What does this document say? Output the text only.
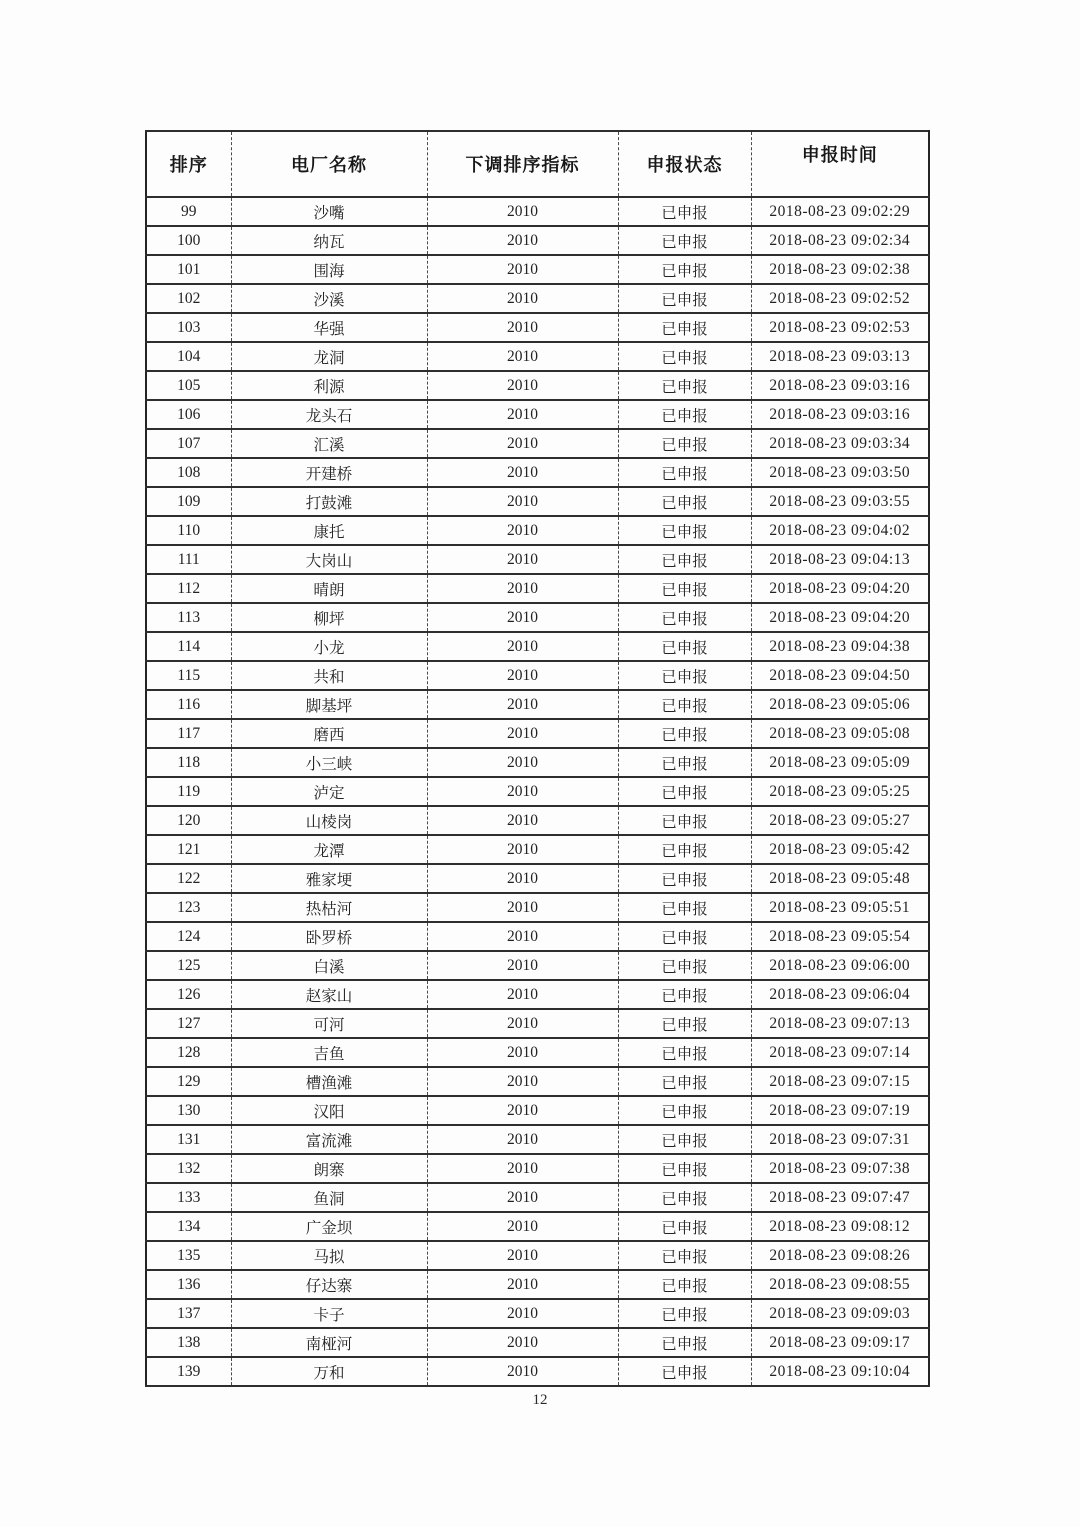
排序	电厂名称	下调排序指标	申报状态	申报时间
99	沙嘴	2010	已申报	2018-08-23 09:02:29
100	纳瓦	2010	已申报	2018-08-23 09:02:34
101	围海	2010	已申报	2018-08-23 09:02:38
102	沙溪	2010	已申报	2018-08-23 09:02:52
103	华强	2010	已申报	2018-08-23 09:02:53
104	龙洞	2010	已申报	2018-08-23 09:03:13
105	利源	2010	已申报	2018-08-23 09:03:16
106	龙头石	2010	已申报	2018-08-23 09:03:16
107	汇溪	2010	已申报	2018-08-23 09:03:34
108	开建桥	2010	已申报	2018-08-23 09:03:50
109	打鼓滩	2010	已申报	2018-08-23 09:03:55
110	康托	2010	已申报	2018-08-23 09:04:02
111	大岗山	2010	已申报	2018-08-23 09:04:13
112	晴朗	2010	已申报	2018-08-23 09:04:20
113	柳坪	2010	已申报	2018-08-23 09:04:20
114	小龙	2010	已申报	2018-08-23 09:04:38
115	共和	2010	已申报	2018-08-23 09:04:50
116	脚基坪	2010	已申报	2018-08-23 09:05:06
117	磨西	2010	已申报	2018-08-23 09:05:08
118	小三峡	2010	已申报	2018-08-23 09:05:09
119	泸定	2010	已申报	2018-08-23 09:05:25
120	山棱岗	2010	已申报	2018-08-23 09:05:27
121	龙潭	2010	已申报	2018-08-23 09:05:42
122	雅家埂	2010	已申报	2018-08-23 09:05:48
123	热枯河	2010	已申报	2018-08-23 09:05:51
124	卧罗桥	2010	已申报	2018-08-23 09:05:54
125	白溪	2010	已申报	2018-08-23 09:06:00
126	赵家山	2010	已申报	2018-08-23 09:06:04
127	可河	2010	已申报	2018-08-23 09:07:13
128	吉鱼	2010	已申报	2018-08-23 09:07:14
129	槽渔滩	2010	已申报	2018-08-23 09:07:15
130	汉阳	2010	已申报	2018-08-23 09:07:19
131	富流滩	2010	已申报	2018-08-23 09:07:31
132	朗寨	2010	已申报	2018-08-23 09:07:38
133	鱼洞	2010	已申报	2018-08-23 09:07:47
134	广金坝	2010	已申报	2018-08-23 09:08:12
135	马拟	2010	已申报	2018-08-23 09:08:26
136	仔达寨	2010	已申报	2018-08-23 09:08:55
137	卡子	2010	已申报	2018-08-23 09:09:03
138	南桠河	2010	已申报	2018-08-23 09:09:17
139	万和	2010	已申报	2018-08-23 09:10:04
12
